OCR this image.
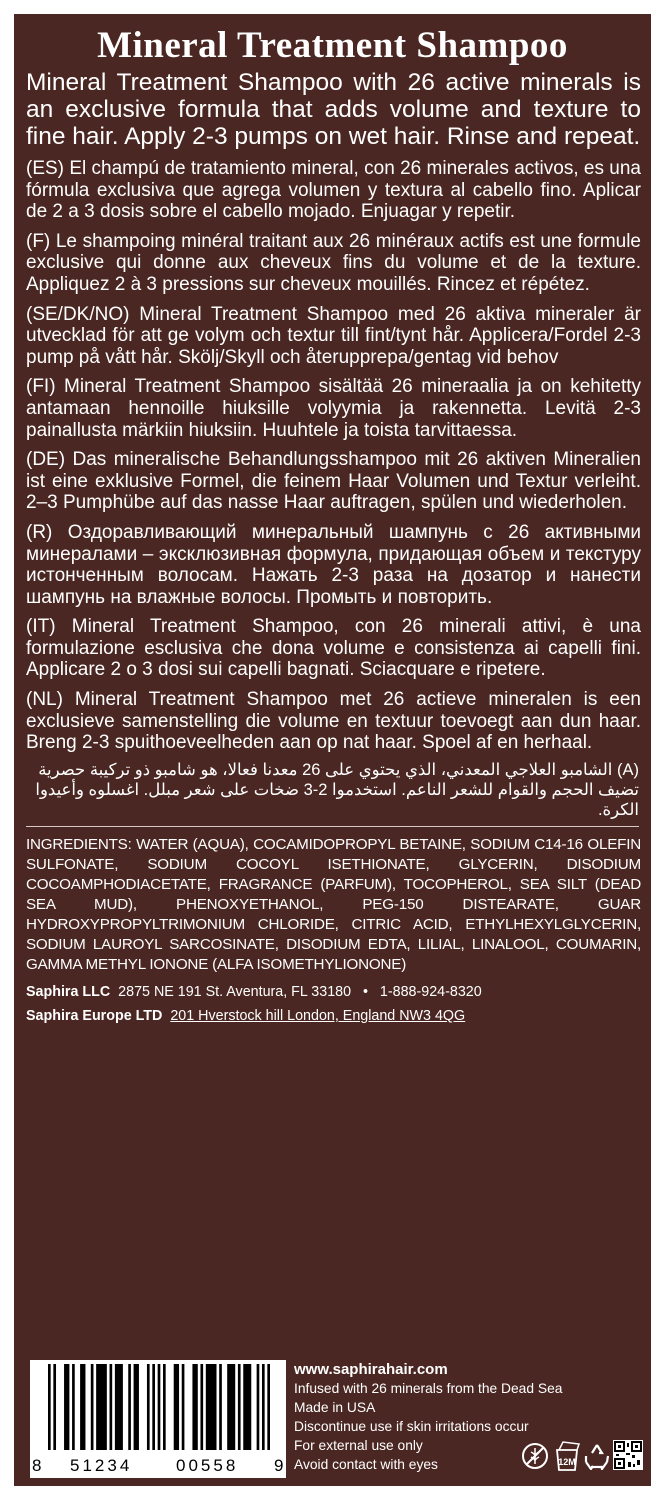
Mineral Treatment Shampoo
Mineral Treatment Shampoo with 26 active minerals is an exclusive formula that adds volume and texture to fine hair. Apply 2-3 pumps on wet hair. Rinse and repeat.
(ES) El champú de tratamiento mineral, con 26 minerales activos, es una fórmula exclusiva que agrega volumen y textura al cabello fino. Aplicar de 2 a 3 dosis sobre el cabello mojado. Enjuagar y repetir.
(F) Le shampoing minéral traitant aux 26 minéraux actifs est une formule exclusive qui donne aux cheveux fins du volume et de la texture. Appliquez 2 à 3 pressions sur cheveux mouillés. Rincez et répétez.
(SE/DK/NO) Mineral Treatment Shampoo med 26 aktiva mineraler är utvecklad för att ge volym och textur till fint/tynt hår. Applicera/Fordel 2-3 pump på vått hår. Skölj/Skyll och återupprepa/gentag vid behov
(FI) Mineral Treatment Shampoo sisältää 26 mineraalia ja on kehitetty antamaan hennoille hiuksille volyymia ja rakennetta. Levitä 2-3 painallusta märkiin hiuksiin. Huuhtele ja toista tarvittaessa.
(DE) Das mineralische Behandlungsshampoo mit 26 aktiven Mineralien ist eine exklusive Formel, die feinem Haar Volumen und Textur verleiht. 2–3 Pumphübe auf das nasse Haar auftragen, spülen und wiederholen.
(R) Оздоравливающий минеральный шампунь с 26 активными минералами – эксклюзивная формула, придающая объем и текстуру истонченным волосам. Нажать 2-3 раза на дозатор и нанести шампунь на влажные волосы. Промыть и повторить.
(IT) Mineral Treatment Shampoo, con 26 minerali attivi, è una formulazione esclusiva che dona volume e consistenza ai capelli fini. Applicare 2 o 3 dosi sui capelli bagnati. Sciacquare e ripetere.
(NL) Mineral Treatment Shampoo met 26 actieve mineralen is een exclusieve samenstelling die volume en textuur toevoegt aan dun haar. Breng 2-3 spuithoeveelheden aan op nat haar. Spoel af en herhaal.
(A) الشامبو العلاجي المعدني، الذي يحتوي على 26 معدنا فعالا، هو شامبو ذو تركيبة حصرية تضيف الحجم والقوام للشعر الناعم. استخدموا 2-3 ضخات على شعر مبلل. اغسلوه وأعيدوا الكرة.
INGREDIENTS: WATER (AQUA), COCAMIDOPROPYL BETAINE, SODIUM C14-16 OLEFIN SULFONATE, SODIUM COCOYL ISETHIONATE, GLYCERIN, DISODIUM COCOAMPHODIACETATE, FRAGRANCE (PARFUM), TOCOPHEROL, SEA SILT (DEAD SEA MUD), PHENOXYETHANOL, PEG-150 DISTEARATE, GUAR HYDROXYPROPYLTRIMONIUM CHLORIDE, CITRIC ACID, ETHYLHEXYLGLYCERIN, SODIUM LAUROYL SARCOSINATE, DISODIUM EDTA, LILIAL, LINALOOL, COUMARIN, GAMMA METHYL IONONE (ALFA ISOMETHYLIONONE)
Saphira LLC 2875 NE 191 St. Aventura, FL 33180 • 1-888-924-8320
Saphira Europe LTD 201 Hverstock hill London, England NW3 4QG
8 51234	00558 9
www.saphirahair.com
Infused with 26 minerals from the Dead Sea
Made in USA
Discontinue use if skin irritations occur
For external use only
Avoid contact with eyes	12M
